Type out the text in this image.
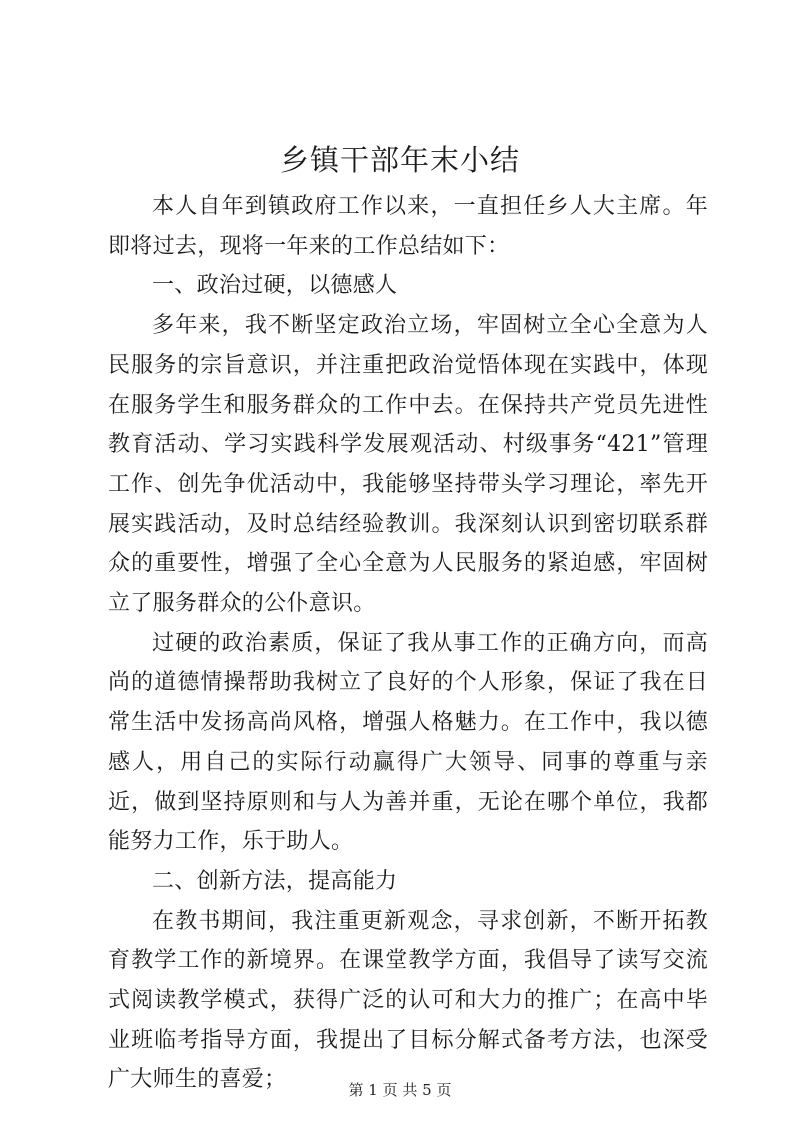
乡镇干部年末小结

本人自年到镇政府工作以来，一直担任乡人大主席。年即将过去，现将一年来的工作总结如下：

一、政治过硬，以德感人

多年来，我不断坚定政治立场，牢固树立全心全意为人民服务的宗旨意识，并注重把政治觉悟体现在实践中，体现在服务学生和服务群众的工作中去。在保持共产党员先进性教育活动、学习实践科学发展观活动、村级事务“421”管理工作、创先争优活动中，我能够坚持带头学习理论，率先开展实践活动，及时总结经验教训。我深刻认识到密切联系群众的重要性，增强了全心全意为人民服务的紧迫感，牢固树立了服务群众的公仆意识。

过硬的政治素质，保证了我从事工作的正确方向，而高尚的道德情操帮助我树立了良好的个人形象，保证了我在日常生活中发扬高尚风格，增强人格魅力。在工作中，我以德感人，用自己的实际行动赢得广大领导、同事的尊重与亲近，做到坚持原则和与人为善并重，无论在哪个单位，我都能努力工作，乐于助人。

二、创新方法，提高能力

在教书期间，我注重更新观念，寻求创新，不断开拓教育教学工作的新境界。在课堂教学方面，我倡导了读写交流式阅读教学模式，获得广泛的认可和大力的推广；在高中毕业班临考指导方面，我提出了目标分解式备考方法，也深受广大师生的喜爱；	第 1 页 共 5 页
